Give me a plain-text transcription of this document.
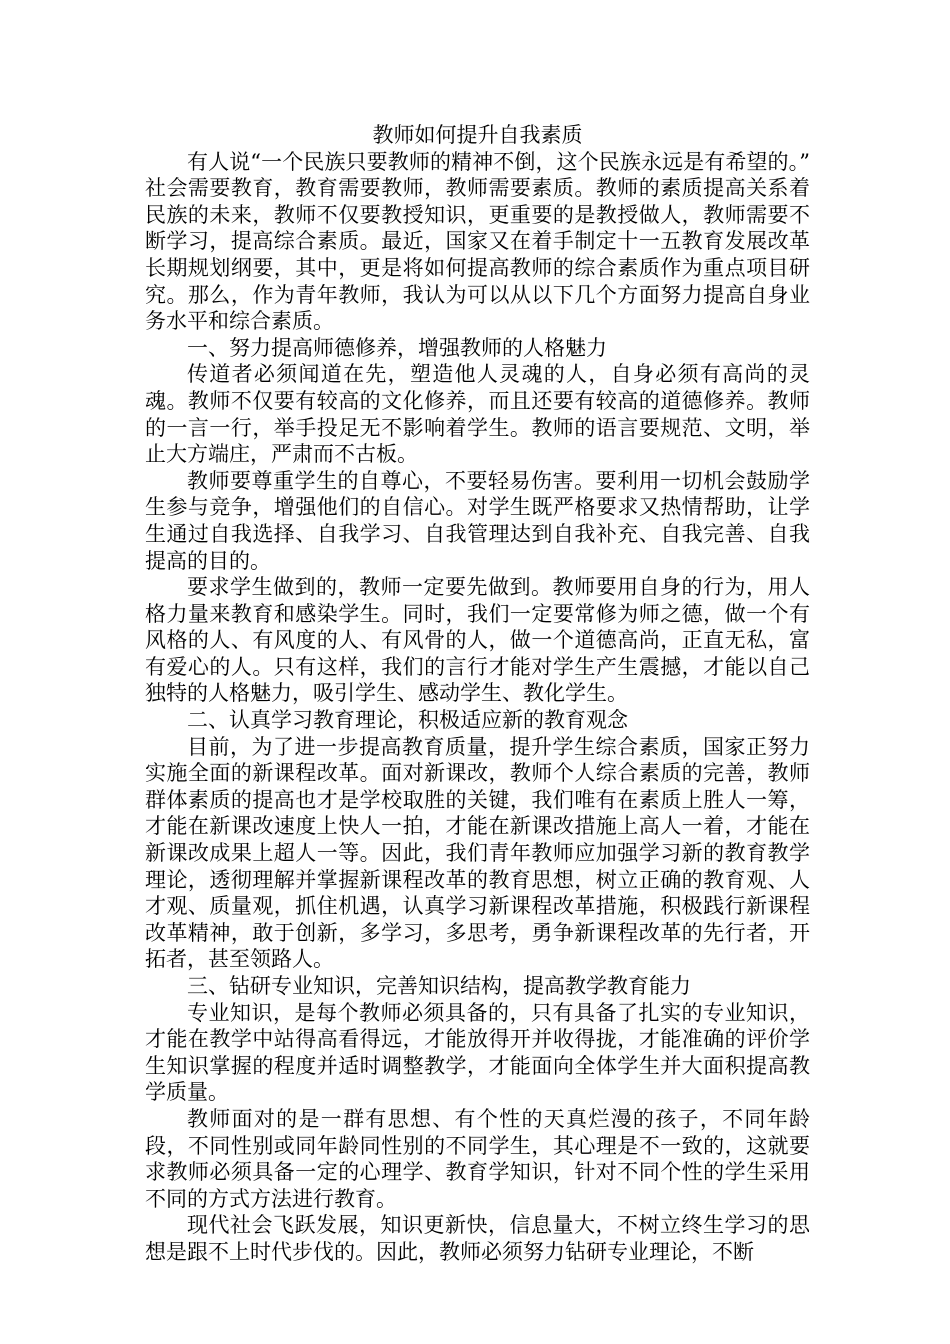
教师如何提升自我素质

有人说“一个民族只要教师的精神不倒，这个民族永远是有希望的。” 社会需要教育，教育需要教师，教师需要素质。教师的素质提高关系着民族的未来，教师不仅要教授知识，更重要的是教授做人，教师需要不断学习，提高综合素质。最近，国家又在着手制定十一五教育发展改革长期规划纲要，其中，更是将如何提高教师的综合素质作为重点项目研究。那么，作为青年教师，我认为可以从以下几个方面努力提高自身业务水平和综合素质。

一、努力提高师德修养，增强教师的人格魅力

传道者必须闻道在先，塑造他人灵魂的人，自身必须有高尚的灵魂。教师不仅要有较高的文化修养，而且还要有较高的道德修养。教师的一言一行，举手投足无不影响着学生。教师的语言要规范、文明，举止大方端庄，严肃而不古板。

教师要尊重学生的自尊心，不要轻易伤害。要利用一切机会鼓励学生参与竞争，增强他们的自信心。对学生既严格要求又热情帮助，让学生通过自我选择、自我学习、自我管理达到自我补充、自我完善、自我提高的目的。

要求学生做到的，教师一定要先做到。教师要用自身的行为，用人格力量来教育和感染学生。同时，我们一定要常修为师之德，做一个有风格的人、有风度的人、有风骨的人，做一个道德高尚，正直无私，富有爱心的人。只有这样，我们的言行才能对学生产生震撼，才能以自己独特的人格魅力，吸引学生、感动学生、教化学生。

二、认真学习教育理论，积极适应新的教育观念

目前，为了进一步提高教育质量，提升学生综合素质，国家正努力实施全面的新课程改革。面对新课改，教师个人综合素质的完善，教师群体素质的提高也才是学校取胜的关键，我们唯有在素质上胜人一筹，才能在新课改速度上快人一拍，才能在新课改措施上高人一着，才能在新课改成果上超人一等。因此，我们青年教师应加强学习新的教育教学理论，透彻理解并掌握新课程改革的教育思想，树立正确的教育观、人才观、质量观，抓住机遇，认真学习新课程改革措施，积极践行新课程改革精神，敢于创新，多学习，多思考，勇争新课程改革的先行者，开拓者，甚至领路人。

三、钻研专业知识，完善知识结构，提高教学教育能力

专业知识，是每个教师必须具备的，只有具备了扎实的专业知识，才能在教学中站得高看得远，才能放得开并收得拢，才能准确的评价学生知识掌握的程度并适时调整教学，才能面向全体学生并大面积提高教学质量。

教师面对的是一群有思想、有个性的天真烂漫的孩子，不同年龄段，不同性别或同年龄同性别的不同学生，其心理是不一致的，这就要求教师必须具备一定的心理学、教育学知识，针对不同个性的学生采用不同的方式方法进行教育。

现代社会飞跃发展，知识更新快，信息量大，不树立终生学习的思想是跟不上时代步伐的。因此，教师必须努力钻研专业理论，不断
